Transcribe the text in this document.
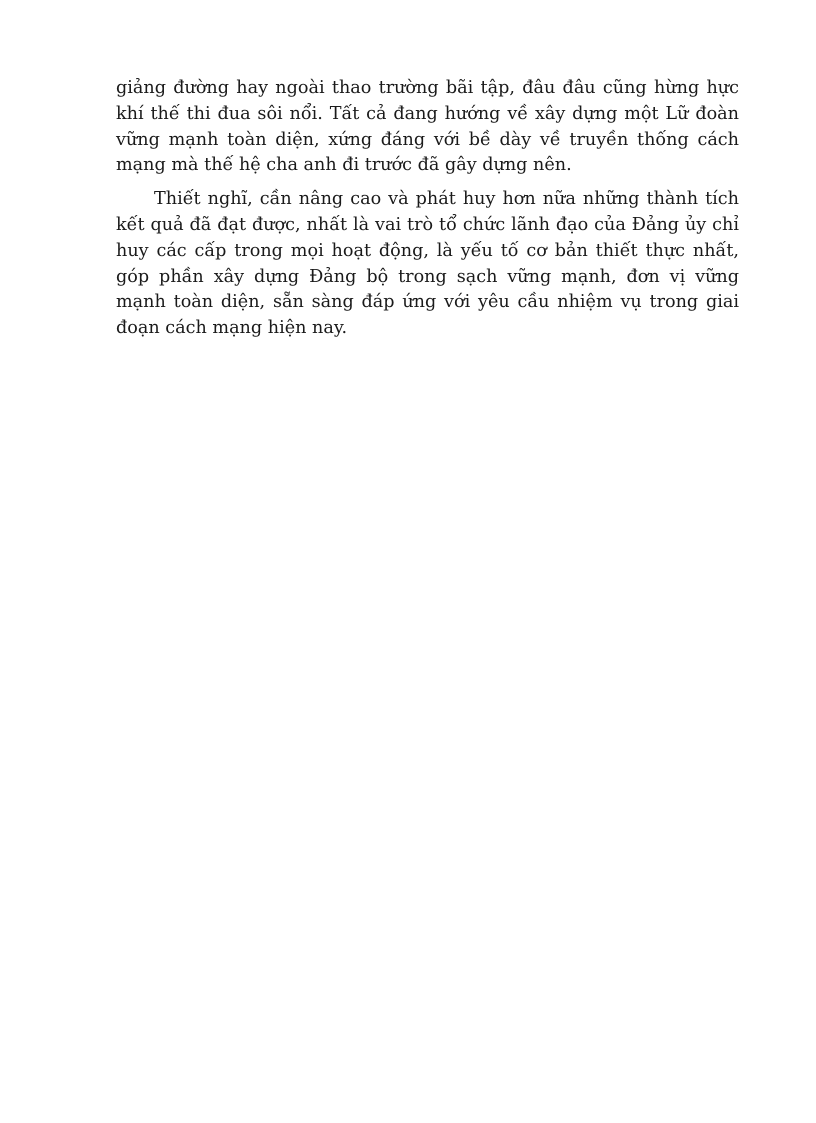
giảng đường hay ngoài thao trường bãi tập, đâu đâu cũng hừng hực khí thế thi đua sôi nổi. Tất cả đang hướng về xây dựng một Lữ đoàn vững mạnh toàn diện, xứng đáng với bề dày về truyền thống cách mạng mà thế hệ cha anh đi trước đã gây dựng nên.

Thiết nghĩ, cần nâng cao và phát huy hơn nữa những thành tích kết quả đã đạt được, nhất là vai trò tổ chức lãnh đạo của Đảng ủy chỉ huy các cấp trong mọi hoạt động, là yếu tố cơ bản thiết thực nhất, góp phần xây dựng Đảng bộ trong sạch vững mạnh, đơn vị vững mạnh toàn diện, sẵn sàng đáp ứng với yêu cầu nhiệm vụ trong giai đoạn cách mạng hiện nay.
